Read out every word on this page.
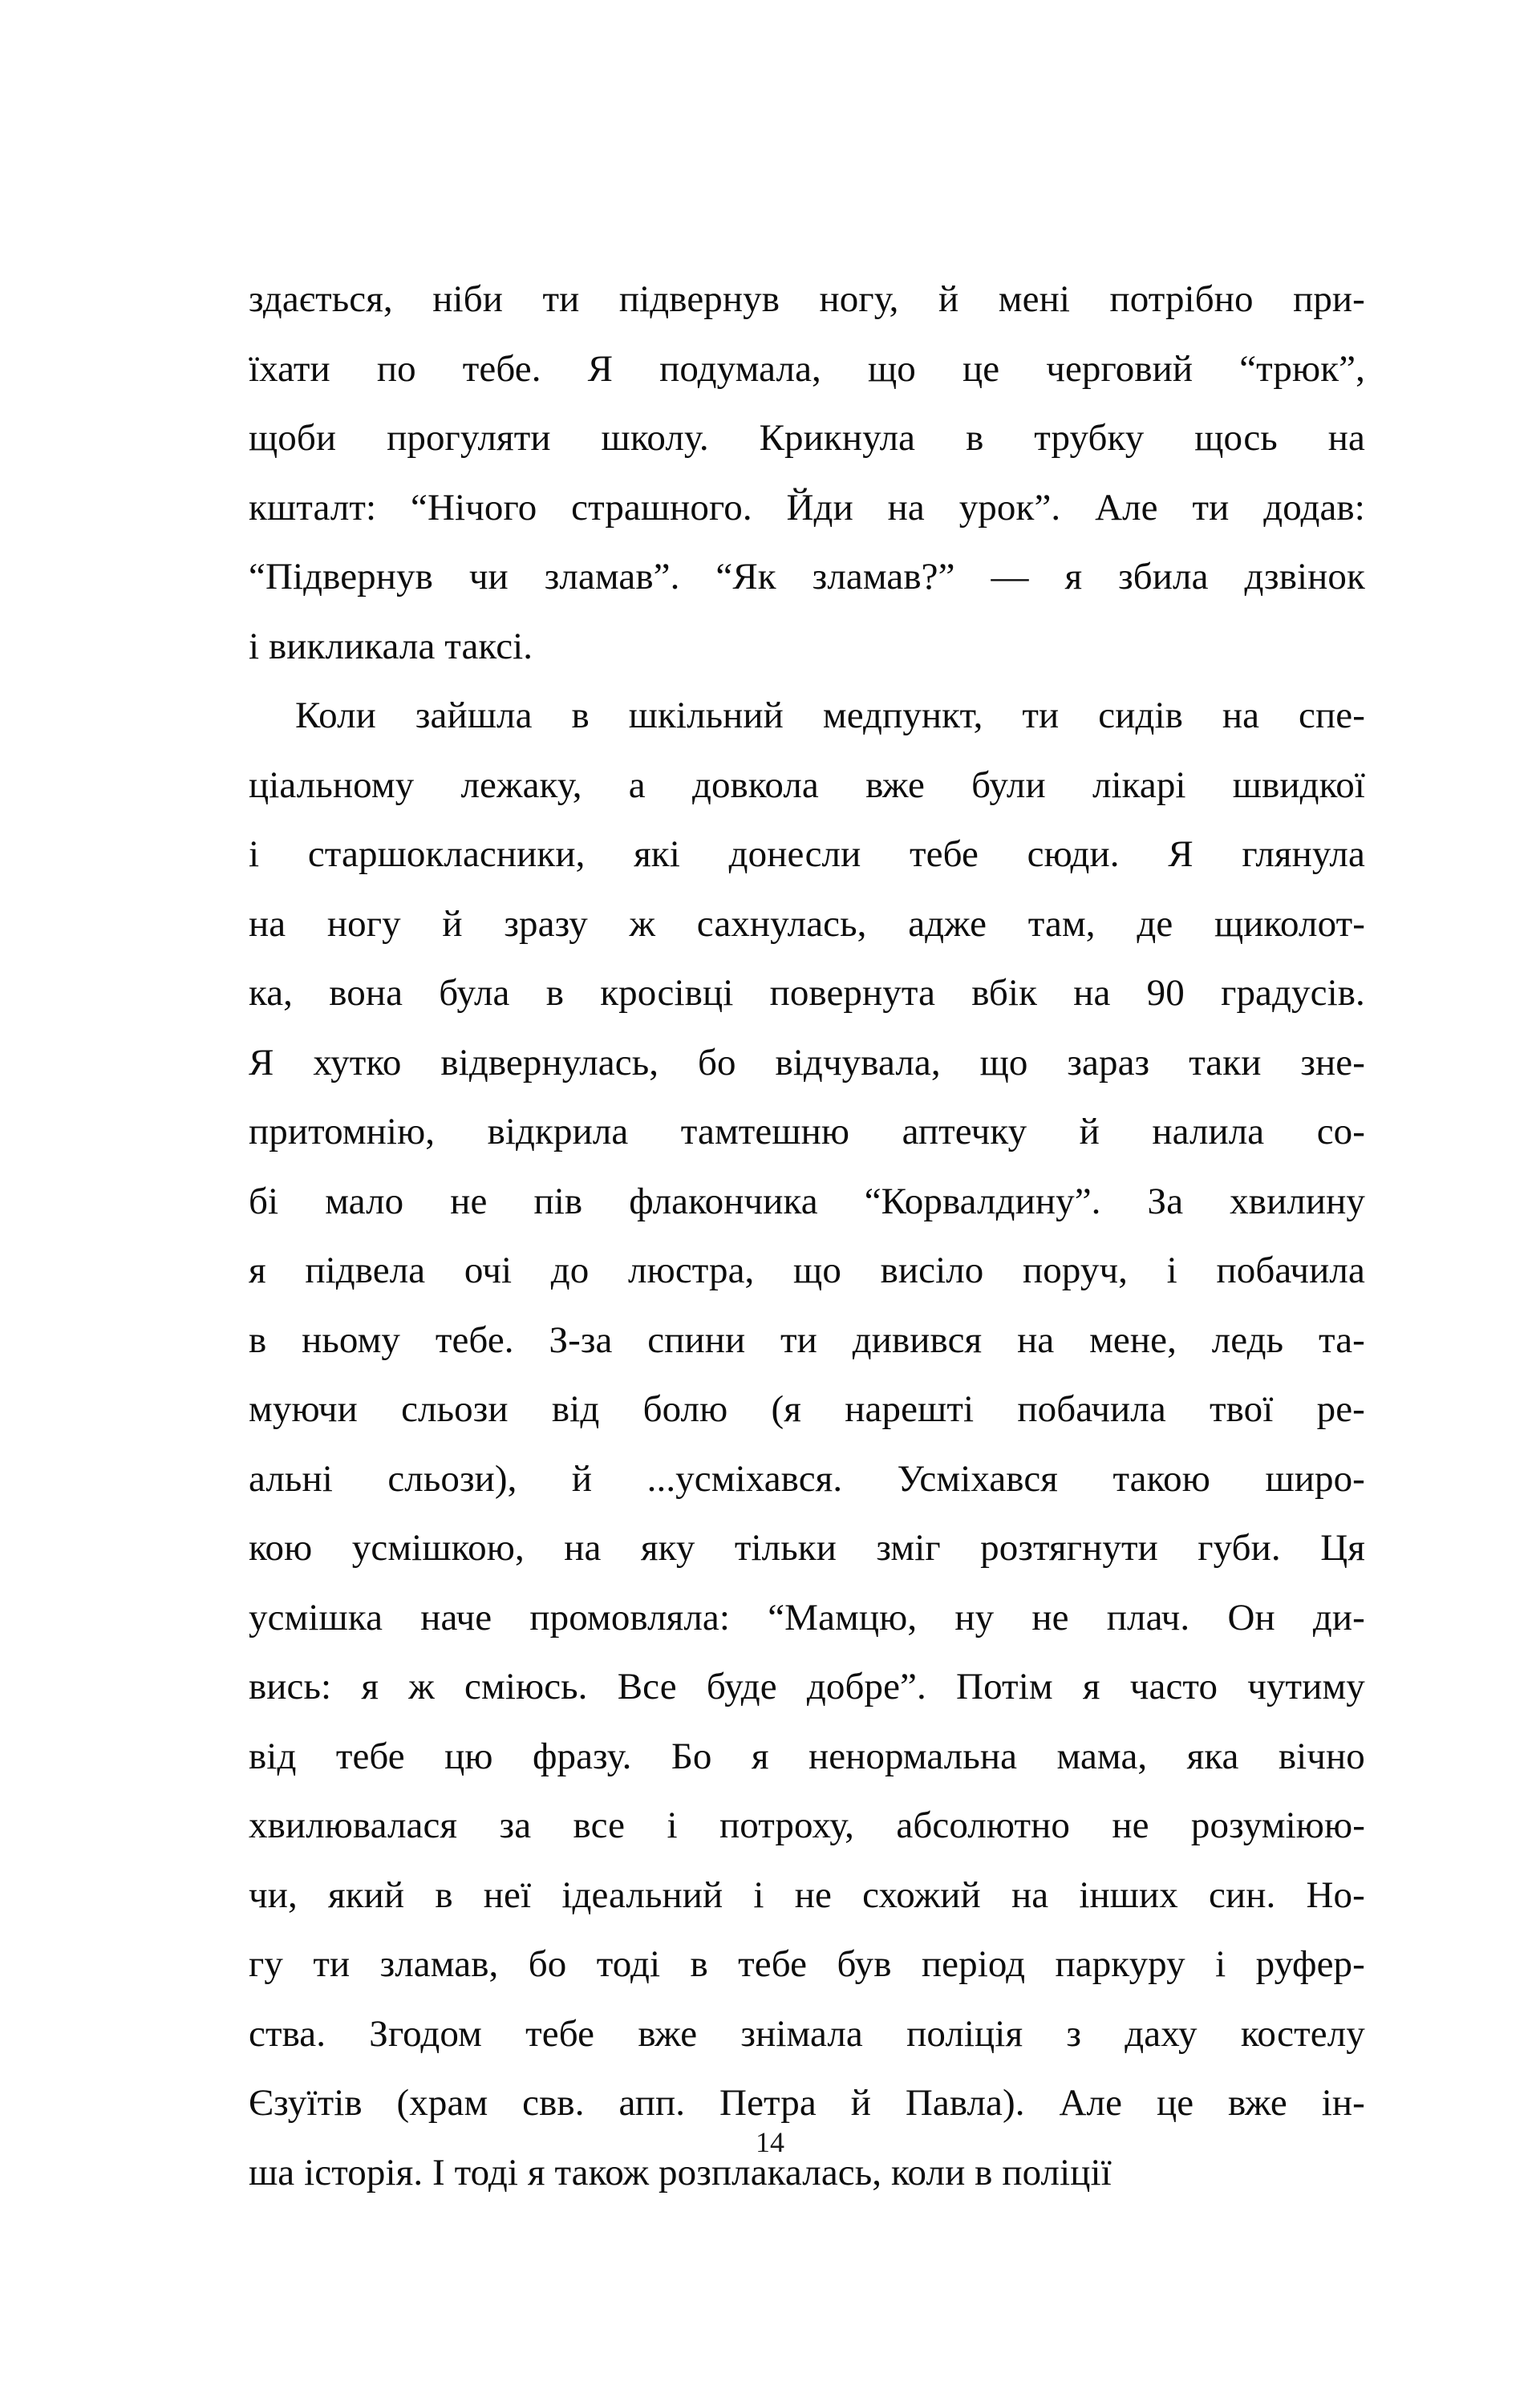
здається, ніби ти підвернув ногу, й мені потрібно при-
їхати по тебе. Я подумала, що це черговий “трюк”,
щоби прогуляти школу. Крикнула в трубку щось на
кшталт: “Нічого страшного. Йди на урок”. Але ти додав:
“Підвернув чи зламав”. “Як зламав?” — я збила дзвінок
і викликала таксі.
Коли зайшла в шкільний медпункт, ти сидів на спе-
ціальному лежаку, а довкола вже були лікарі швидкої
і старшокласники, які донесли тебе сюди. Я глянула
на ногу й зразу ж сахнулась, адже там, де щиколот-
ка, вона була в кросівці повернута вбік на 90 градусів.
Я хутко відвернулась, бо відчувала, що зараз таки зне-
притомнію, відкрила тамтешню аптечку й налила со-
бі мало не пів флакончика “Корвалдину”. За хвилину
я підвела очі до люстра, що висіло поруч, і побачила
в ньому тебе. З-за спини ти дивився на мене, ледь та-
муючи сльози від болю (я нарешті побачила твої ре-
альні сльози), й ...усміхався. Усміхався такою широ-
кою усмішкою, на яку тільки зміг розтягнути губи. Ця
усмішка наче промовляла: “Мамцю, ну не плач. Он ди-
вись: я ж сміюсь. Все буде добре”. Потім я часто чутиму
від тебе цю фразу. Бо я ненормальна мама, яка вічно
хвилювалася за все і потроху, абсолютно не розуміюю-
чи, який в неї ідеальний і не схожий на інших син. Но-
гу ти зламав, бо тоді в тебе був період паркуру і руфер-
ства. Згодом тебе вже знімала поліція з даху костелу
Єзуїтів (храм свв. апп. Петра й Павла). Але це вже ін-
ша історія. І тоді я також розплакалась, коли в поліції
14
